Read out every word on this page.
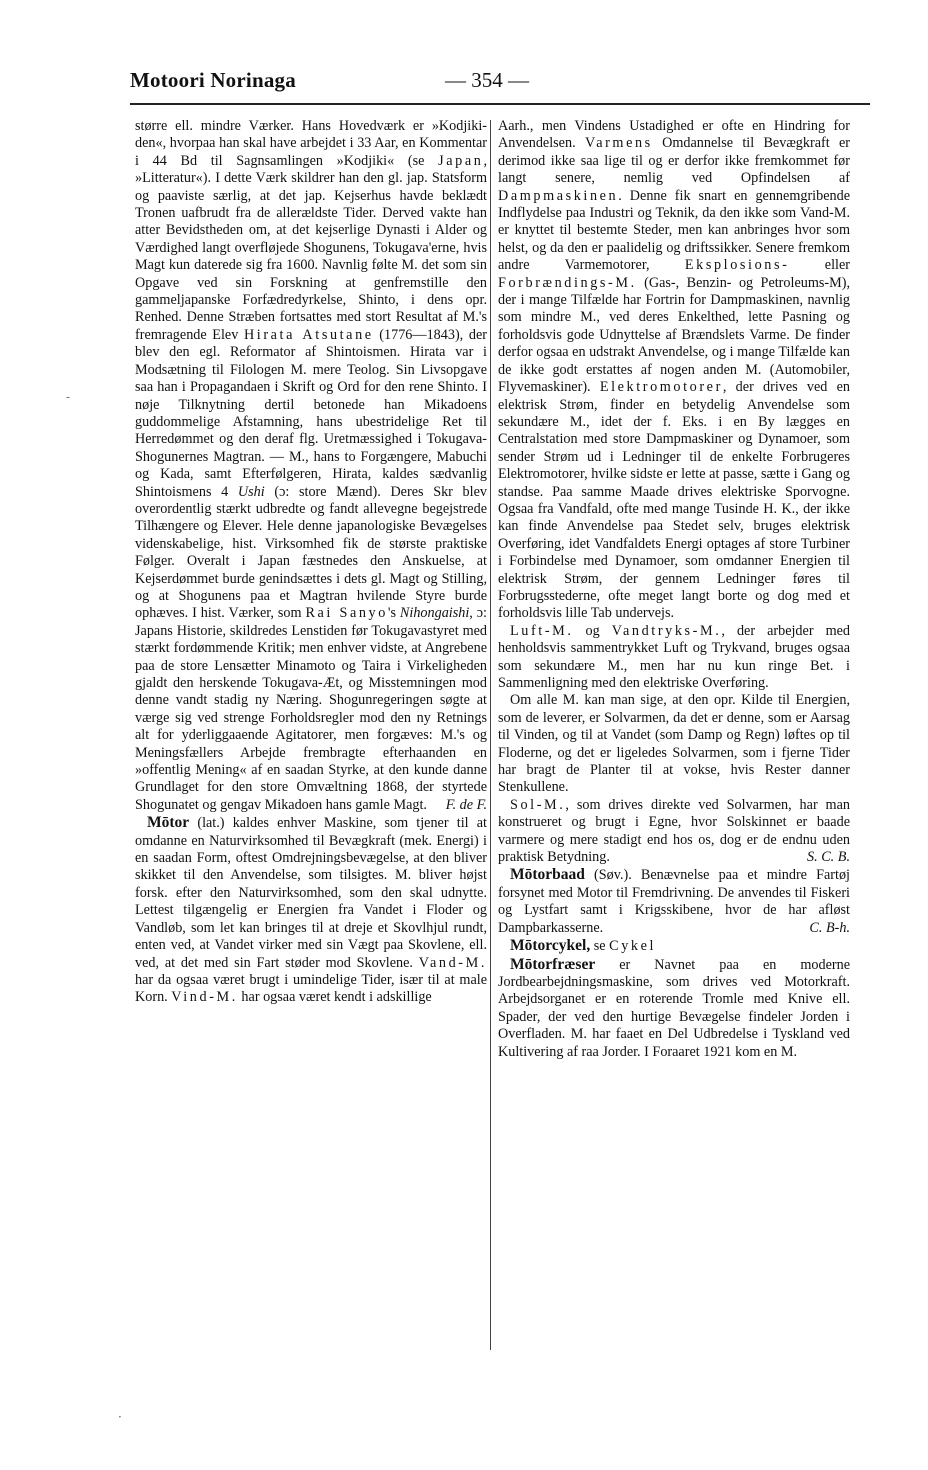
Motoori Norinaga	— 354 —

større ell. mindre Værker. Hans Hovedværk er »Kodjiki-den«, hvorpaa han skal have arbejdet i 33 Aar, en Kommentar i 44 Bd til Sagnsamlingen »Kodjiki« (se Japan, »Litteratur«). I dette Værk skildrer han den gl. jap. Statsform og paaviste særlig, at det jap. Kejserhus havde beklædt Tronen uafbrudt fra de allerældste Tider. Derved vakte han atter Bevidstheden om, at det kejserlige Dynasti i Alder og Værdighed langt overfløjede Shogunens, Tokugava'erne, hvis Magt kun daterede sig fra 1600. Navnlig følte M. det som sin Opgave ved sin Forskning at genfremstille den gammeljapanske Forfædredyrkelse, Shinto, i dens opr. Renhed. Denne Stræben fortsattes med stort Resultat af M.'s fremragende Elev Hirata Atsutane (1776—1843), der blev den egl. Reformator af Shintoismen. Hirata var i Modsætning til Filologen M. mere Teolog. Sin Livsopgave saa han i Propagandaen i Skrift og Ord for den rene Shinto. I nøje Tilknytning dertil betonede han Mikadoens guddommelige Afstamning, hans ubestridelige Ret til Herredømmet og den deraf flg. Uretmæssighed i Tokugava-Shogunernes Magtran. — M., hans to Forgængere, Mabuchi og Kada, samt Efterfølgeren, Hirata, kaldes sædvanlig Shintoismens 4 Ushi (ɔ: store Mænd). Deres Skr blev overordentlig stærkt udbredte og fandt allevegne begejstrede Tilhængere og Elever. Hele denne japanologiske Bevægelses videnskabelige, hist. Virksomhed fik de største praktiske Følger. Overalt i Japan fæstnedes den Anskuelse, at Kejserdømmet burde genindsættes i dets gl. Magt og Stilling, og at Shogunens paa et Magtran hvilende Styre burde ophæves. I hist. Værker, som Rai Sanyo's Nihongaishi, ɔ: Japans Historie, skildredes Lenstiden før Tokugavastyret med stærkt fordømmende Kritik; men enhver vidste, at Angrebene paa de store Lensætter Minamoto og Taira i Virkeligheden gjaldt den herskende Tokugava-Æt, og Misstemningen mod denne vandt stadig ny Næring. Shogunregeringen søgte at værge sig ved strenge Forholdsregler mod den ny Retnings alt for yderliggaaende Agitatorer, men forgæves: M.'s og Meningsfællers Arbejde frembragte efterhaanden en »offentlig Mening« af en saadan Styrke, at den kunde danne Grundlaget for den store Omvæltning 1868, der styrtede Shogunatet og gengav Mikadoen hans gamle Magt. F. de F.

Mōtor (lat.) kaldes enhver Maskine, som tjener til at omdanne en Naturvirksomhed til Bevægkraft (mek. Energi) i en saadan Form, oftest Omdrejningsbevægelse, at den bliver skikket til den Anvendelse, som tilsigtes. M. bliver højst forsk. efter den Naturvirksomhed, som den skal udnytte. Lettest tilgængelig er Energien fra Vandet i Floder og Vandløb, som let kan bringes til at dreje et Skovlhjul rundt, enten ved, at Vandet virker med sin Vægt paa Skovlene, ell. ved, at det med sin Fart støder mod Skovlene. Vand-M. har da ogsaa været brugt i umindelige Tider, især til at male Korn. Vind-M. har ogsaa været kendt i adskillige

Aarh., men Vindens Ustadighed er ofte en Hindring for Anvendelsen. Varmens Omdannelse til Bevægkraft er derimod ikke saa lige til og er derfor ikke fremkommet før langt senere, nemlig ved Opfindelsen af Dampmaskinen. Denne fik snart en gennemgribende Indflydelse paa Industri og Teknik, da den ikke som Vand-M. er knyttet til bestemte Steder, men kan anbringes hvor som helst, og da den er paalidelig og driftssikker. Senere fremkom andre Varmemotorer, Eksplosions- eller Forbrændings-M. (Gas-, Benzin- og Petroleums-M), der i mange Tilfælde har Fortrin for Dampmaskinen, navnlig som mindre M., ved deres Enkelthed, lette Pasning og forholdsvis gode Udnyttelse af Brændslets Varme. De finder derfor ogsaa en udstrakt Anvendelse, og i mange Tilfælde kan de ikke godt erstattes af nogen anden M. (Automobiler, Flyvemaskiner). Elektromotorer, der drives ved en elektrisk Strøm, finder en betydelig Anvendelse som sekundære M., idet der f. Eks. i en By lægges en Centralstation med store Dampmaskiner og Dynamoer, som sender Strøm ud i Ledninger til de enkelte Forbrugeres Elektromotorer, hvilke sidste er lette at passe, sætte i Gang og standse. Paa samme Maade drives elektriske Sporvogne. Ogsaa fra Vandfald, ofte med mange Tusinde H. K., der ikke kan finde Anvendelse paa Stedet selv, bruges elektrisk Overføring, idet Vandfaldets Energi optages af store Turbiner i Forbindelse med Dynamoer, som omdanner Energien til elektrisk Strøm, der gennem Ledninger føres til Forbrugsstederne, ofte meget langt borte og dog med et forholdsvis lille Tab undervejs.

Luft-M. og Vandtryks-M., der arbejder med henholdsvis sammentrykket Luft og Trykvand, bruges ogsaa som sekundære M., men har nu kun ringe Bet. i Sammenligning med den elektriske Overføring.

Om alle M. kan man sige, at den opr. Kilde til Energien, som de leverer, er Solvarmen, da det er denne, som er Aarsag til Vinden, og til at Vandet (som Damp og Regn) løftes op til Floderne, og det er ligeledes Solvarmen, som i fjerne Tider har bragt de Planter til at vokse, hvis Rester danner Stenkullene.

Sol-M., som drives direkte ved Solvarmen, har man konstrueret og brugt i Egne, hvor Solskinnet er baade varmere og mere stadigt end hos os, dog er de endnu uden praktisk Betydning.	S. C. B.

Mōtorbaad (Søv.). Benævnelse paa et mindre Fartøj forsynet med Motor til Fremdrivning. De anvendes til Fiskeri og Lystfart samt i Krigsskibene, hvor de har afløst Dampbarkasserne.	C. B-h.

Mōtorcykel, se Cykel

Mōtorfræser er Navnet paa en moderne Jordbearbejdningsmaskine, som drives ved Motorkraft. Arbejdsorganet er en roterende Tromle med Knive ell. Spader, der ved den hurtige Bevægelse findeler Jorden i Overfladen. M. har faaet en Del Udbredelse i Tyskland ved Kultivering af raa Jorder. I Foraaret 1921 kom en M.

-
·
